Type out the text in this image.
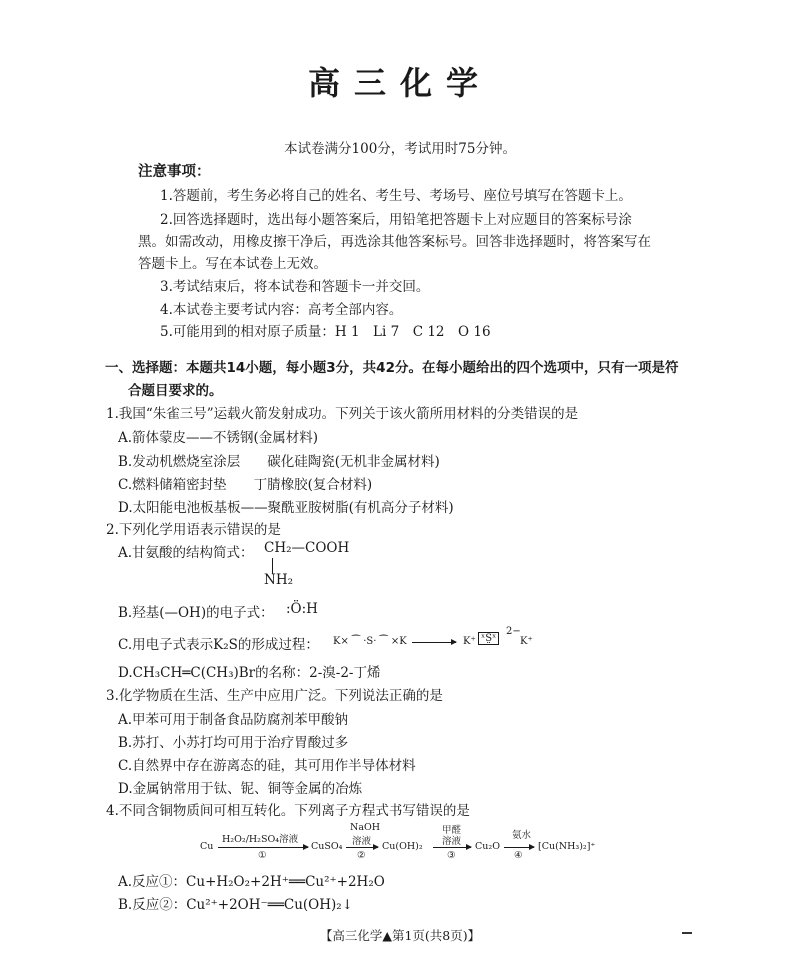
高三化学
本试卷满分100分，考试用时75分钟。
注意事项：
1.答题前，考生务必将自己的姓名、考生号、考场号、座位号填写在答题卡上。
2.回答选择题时，选出每小题答案后，用铅笔把答题卡上对应题目的答案标号涂
黑。如需改动，用橡皮擦干净后，再选涂其他答案标号。回答非选择题时，将答案写在
答题卡上。写在本试卷上无效。
3.考试结束后，将本试卷和答题卡一并交回。
4.本试卷主要考试内容：高考全部内容。
5.可能用到的相对原子质量：H 1　Li 7　C 12　O 16
一、选择题：本题共14小题，每小题3分，共42分。在每小题给出的四个选项中，只有一项是符
合题目要求的。
1.我国“朱雀三号”运载火箭发射成功。下列关于该火箭所用材料的分类错误的是
A.箭体蒙皮——不锈钢(金属材料)
B.发动机燃烧室涂层　　碳化硅陶瓷(无机非金属材料)
C.燃料储箱密封垫　　丁腈橡胶(复合材料)
D.太阳能电池板基板——聚酰亚胺树脂(有机高分子材料)
2.下列化学用语表示错误的是
A.甘氨酸的结构简式： CH₂—COOH
NH₂
B.羟基(—OH)的电子式： :Ö:H
C.用电子式表示K₂S的形成过程： K× ⁀ ·S· ⁀ ×K	K⁺ ˣS̤ˣ
2−
K⁺
D.CH₃CH═C(CH₃)Br的名称：2-溴-2-丁烯
3.化学物质在生活、生产中应用广泛。下列说法正确的是
A.甲苯可用于制备食品防腐剂苯甲酸钠
B.苏打、小苏打均可用于治疗胃酸过多
C.自然界中存在游离态的硅，其可用作半导体材料
D.金属钠常用于钛、铌、铜等金属的冶炼
4.不同含铜物质间可相互转化。下列离子方程式书写错误的是
Cu
H₂O₂/H₂SO₄溶液
①
CuSO₄
NaOH
溶液
②
Cu(OH)₂
甲醛
溶液
③
Cu₂O
氨水
④
[Cu(NH₃)₂]⁺
A.反应①：Cu+H₂O₂+2H⁺══Cu²⁺+2H₂O
B.反应②：Cu²⁺+2OH⁻══Cu(OH)₂↓
【高三化学▲第1页(共8页)】
